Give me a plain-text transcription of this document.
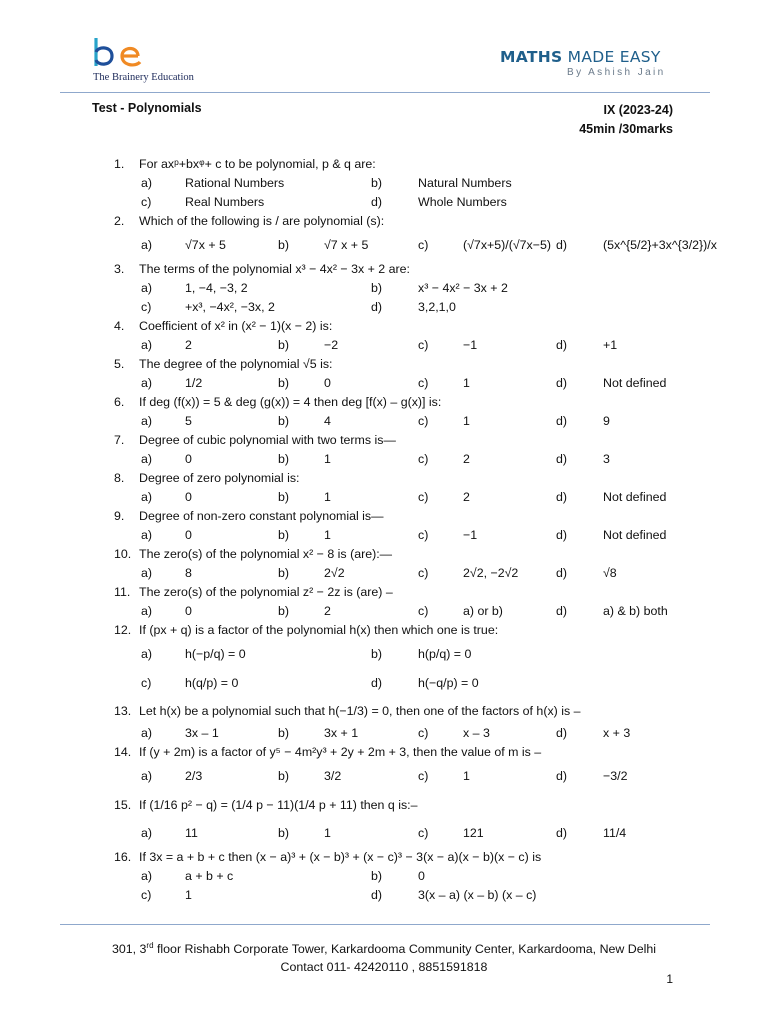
The Brainery Education
MATHS MADE EASY
By Ashish Jain
Test - Polynomials	IX (2023-24)
45min /30marks
1.	For axᵖ+bxᵠ+ c to be polynomial, p & q are:
a)	Rational Numbers	b)	Natural Numbers
c)	Real Numbers	d)	Whole Numbers
2.	Which of the following is / are polynomial (s):
a)	√7x + 5	b)	√7 x + 5	c)	(√7x+5)/(√7x−5) d)	(5x^{5/2}+3x^{3/2})/x
3.	The terms of the polynomial x³ − 4x² − 3x + 2 are:
a)	1, −4, −3, 2	b)	x³ − 4x² − 3x + 2
c)	+x³, −4x², −3x, 2	d)	3,2,1,0
4.	Coefficient of x² in (x² − 1)(x − 2) is:
a)	2	b)	−2	c)	−1	d)	+1
5.	The degree of the polynomial √5 is:
a)	1/2	b)	0	c)	1	d)	Not defined
6.	If deg (f(x)) = 5 & deg (g(x)) = 4 then deg [f(x) – g(x)] is:
a)	5	b)	4	c)	1	d)	9
7.	Degree of cubic polynomial with two terms is—
a)	0	b)	1	c)	2	d)	3
8.	Degree of zero polynomial is:
a)	0	b)	1	c)	2	d)	Not defined
9.	Degree of non-zero constant polynomial is—
a)	0	b)	1	c)	−1	d)	Not defined
10. The zero(s) of the polynomial x² − 8 is (are):—
a)	8	b)	2√2	c)	2√2, −2√2	d)	√8
11. The zero(s) of the polynomial z² − 2z is (are) –
a)	0	b)	2	c)	a) or b)	d)	a) & b) both
12. If (px + q) is a factor of the polynomial h(x) then which one is true:
a)	h(−p/q) = 0	b)	h(p/q) = 0
c)	h(q/p) = 0	d)	h(−q/p) = 0
13. Let h(x) be a polynomial such that h(−1/3) = 0, then one of the factors of h(x) is –
a)	3x – 1	b)	3x + 1	c)	x – 3	d)	x + 3
14. If (y + 2m) is a factor of y⁵ − 4m²y³ + 2y + 2m + 3, then the value of m is –
a)	2/3	b)	3/2	c)	1	d)	−3/2
15. If (1/16 p² − q) = (1/4 p − 11)(1/4 p + 11) then q is:–
a)	11	b)	1	c)	121	d)	11/4
16. If 3x = a + b + c then (x − a)³ + (x − b)³ + (x − c)³ − 3(x − a)(x − b)(x − c) is
a)	a + b + c	b)	0
c)	1	d)	3(x – a) (x – b) (x – c)
301, 3rd floor Rishabh Corporate Tower, Karkardooma Community Center, Karkardooma, New Delhi
Contact 011- 42420110 , 8851591818
1
